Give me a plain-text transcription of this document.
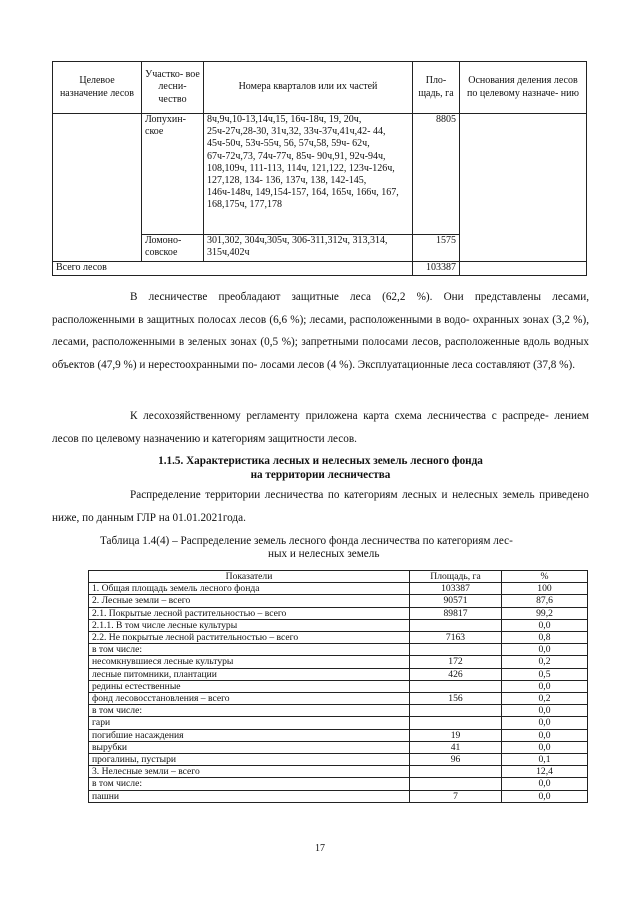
Целевое назначение лесов	Участко- вое лесни- чество	Номера кварталов или их частей	Пло- щадь, га	Основания деления лесов по целевому назначе- нию
	Лопухин- ское	8ч,9ч,10-13,14ч,15, 16ч-18ч, 19, 20ч, 25ч-27ч,28-30, 31ч,32, 33ч-37ч,41ч,42- 44, 45ч-50ч, 53ч-55ч, 56, 57ч,58, 59ч- 62ч, 67ч-72ч,73, 74ч-77ч, 85ч- 90ч,91, 92ч-94ч, 108,109ч, 111-113, 114ч, 121,122, 123ч-126ч, 127,128, 134- 136, 137ч, 138, 142-145, 146ч-148ч, 149,154-157, 164, 165ч, 166ч, 167, 168,175ч, 177,178	8805	
	Ломоно- совское	301,302, 304ч,305ч, 306-311,312ч, 313,314, 315ч,402ч	1575	
Всего лесов			103387	

В лесничестве преобладают защитные леса (62,2 %). Они представлены лесами, расположенными в защитных полосах лесов (6,6 %); лесами, расположенными в водо- охранных зонах (3,2 %), лесами, расположенными в зеленых зонах (0,5 %); запретными полосами лесов, расположенные вдоль водных объектов (47,9 %) и нерестоохранными по- лосами лесов (4 %). Эксплуатационные леса составляют (37,8 %).

К лесохозяйственному регламенту приложена карта схема лесничества с распреде- лением лесов по целевому назначению и категориям защитности лесов.

1.1.5. Характеристика лесных и нелесных земель лесного фонда

на территории лесничества

Распределение территории лесничества по категориям лесных и нелесных земель приведено ниже, по данным ГЛР на 01.01.2021года.

Таблица 1.4(4) – Распределение земель лесного фонда лесничества по категориям лес-
ных и нелесных земель

Показатели	Площадь, га	%
1. Общая площадь земель лесного фонда	103387	100
2. Лесные земли – всего	90571	87,6
2.1. Покрытые лесной растительностью – всего	89817	99,2
2.1.1. В том числе лесные культуры		0,0
2.2. Не покрытые лесной растительностью – всего	7163	0,8
в том числе:		0,0
несомкнувшиеся лесные культуры	172	0,2
лесные питомники, плантации	426	0,5
редины естественные		0,0
фонд лесовосстановления – всего	156	0,2
в том числе:		0,0
гари		0,0
погибшие насаждения	19	0,0
вырубки	41	0,0
прогалины, пустыри	96	0,1
3. Нелесные земли – всего		12,4
в том числе:		0,0
пашни	7	0,0
17
